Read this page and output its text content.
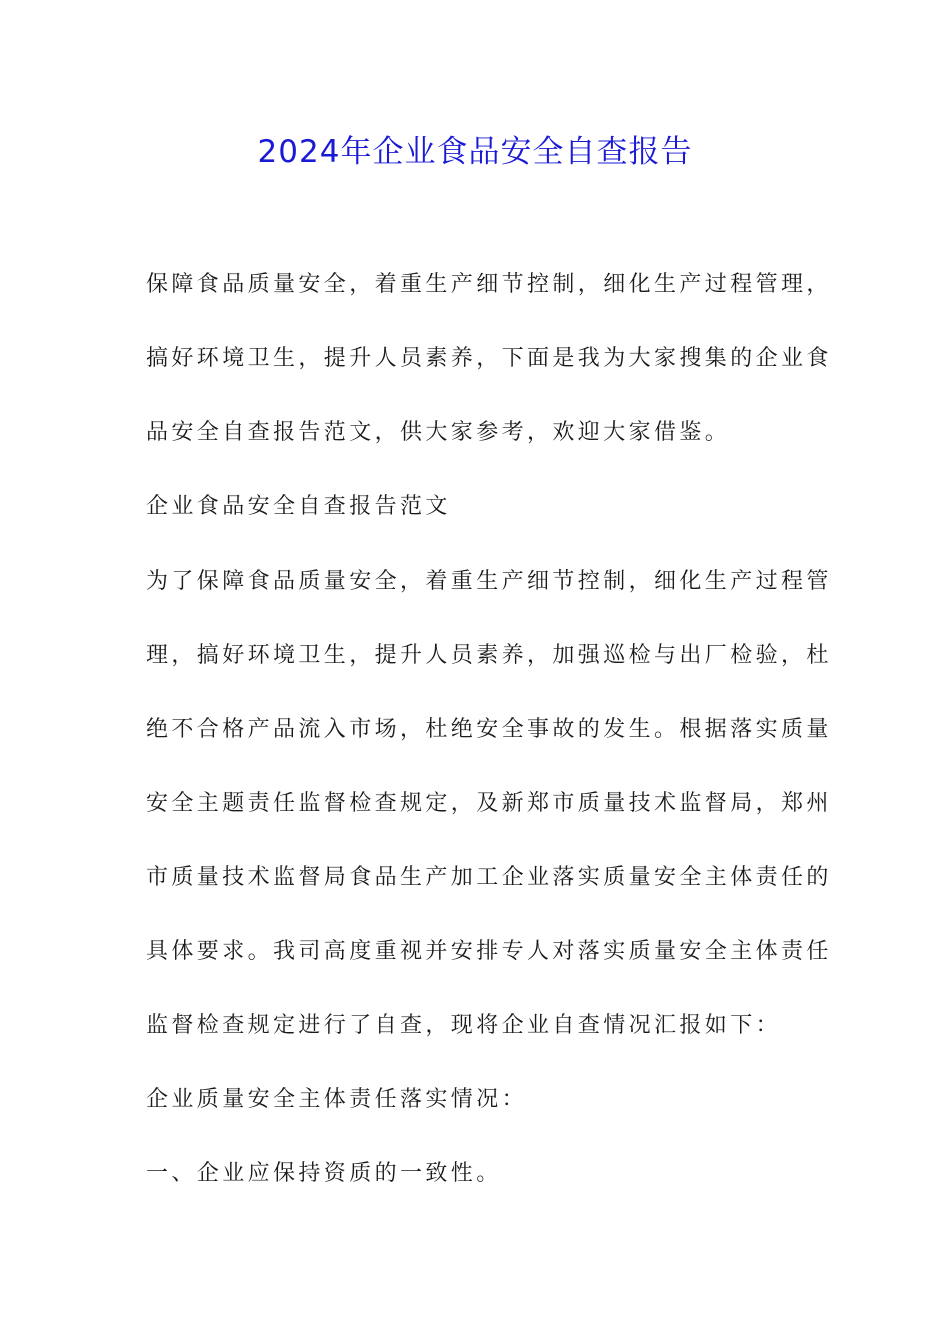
2024年企业食品安全自查报告

保障食品质量安全，着重生产细节控制，细化生产过程管理，
搞好环境卫生，提升人员素养，下面是我为大家搜集的企业食
品安全自查报告范文，供大家参考，欢迎大家借鉴。

企业食品安全自查报告范文

为了保障食品质量安全，着重生产细节控制，细化生产过程管
理，搞好环境卫生，提升人员素养，加强巡检与出厂检验，杜
绝不合格产品流入市场，杜绝安全事故的发生。根据落实质量
安全主题责任监督检查规定，及新郑市质量技术监督局，郑州
市质量技术监督局食品生产加工企业落实质量安全主体责任的
具体要求。我司高度重视并安排专人对落实质量安全主体责任
监督检查规定进行了自查，现将企业自查情况汇报如下：

企业质量安全主体责任落实情况：

一、企业应保持资质的一致性。
